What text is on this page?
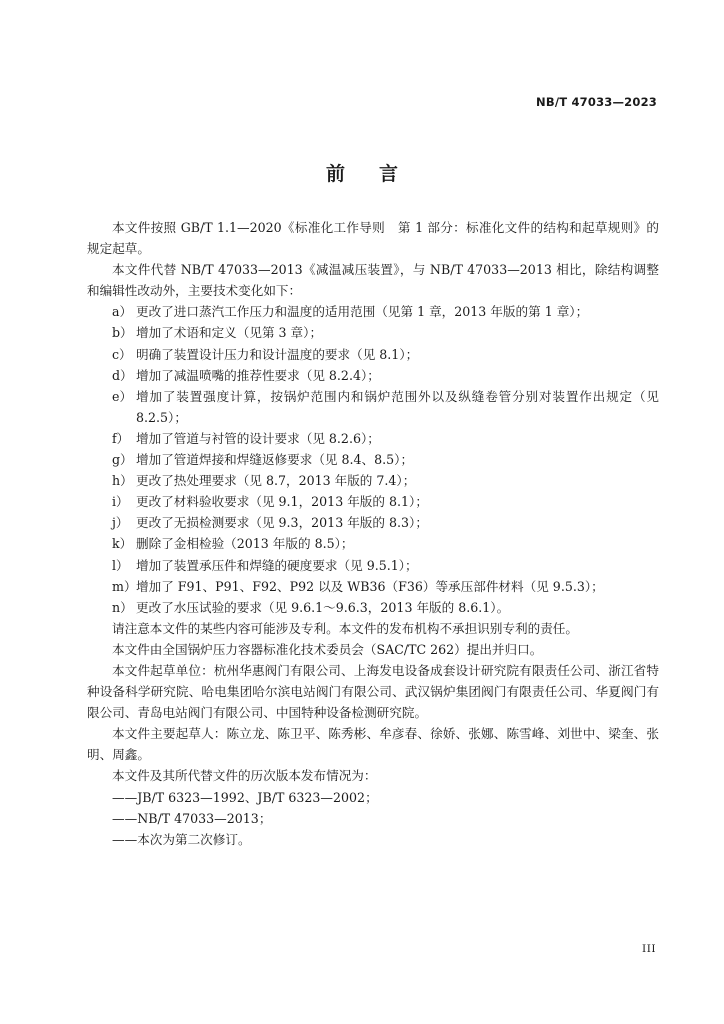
NB/T 47033—2023
前言

本文件按照 GB/T 1.1—2020《标准化工作导则　第 1 部分：标准化文件的结构和起草规则》的规定起草。

本文件代替 NB/T 47033—2013《减温减压装置》，与 NB/T 47033—2013 相比，除结构调整和编辑性改动外，主要技术变化如下：

a） 更改了进口蒸汽工作压力和温度的适用范围（见第 1 章，2013 年版的第 1 章）；
b） 增加了术语和定义（见第 3 章）；
c） 明确了装置设计压力和设计温度的要求（见 8.1）；
d） 增加了减温喷嘴的推荐性要求（见 8.2.4）；
e） 增加了装置强度计算，按锅炉范围内和锅炉范围外以及纵缝卷管分别对装置作出规定（见 8.2.5）；
f） 增加了管道与衬管的设计要求（见 8.2.6）；
g） 增加了管道焊接和焊缝返修要求（见 8.4、8.5）；
h） 更改了热处理要求（见 8.7，2013 年版的 7.4）；
i） 更改了材料验收要求（见 9.1，2013 年版的 8.1）；
j） 更改了无损检测要求（见 9.3，2013 年版的 8.3）；
k） 删除了金相检验（2013 年版的 8.5）；
l） 增加了装置承压件和焊缝的硬度要求（见 9.5.1）；
m） 增加了 F91、P91、F92、P92 以及 WB36（F36）等承压部件材料（见 9.5.3）；
n） 更改了水压试验的要求（见 9.6.1～9.6.3，2013 年版的 8.6.1）。

请注意本文件的某些内容可能涉及专利。本文件的发布机构不承担识别专利的责任。

本文件由全国锅炉压力容器标准化技术委员会（SAC/TC 262）提出并归口。

本文件起草单位：杭州华惠阀门有限公司、上海发电设备成套设计研究院有限责任公司、浙江省特种设备科学研究院、哈电集团哈尔滨电站阀门有限公司、武汉锅炉集团阀门有限责任公司、华夏阀门有限公司、青岛电站阀门有限公司、中国特种设备检测研究院。

本文件主要起草人：陈立龙、陈卫平、陈秀彬、牟彦春、徐娇、张娜、陈雪峰、刘世中、梁奎、张明、周鑫。

本文件及其所代替文件的历次版本发布情况为：

——JB/T 6323—1992、JB/T 6323—2002；

——NB/T 47033—2013；

——本次为第二次修订。

III
